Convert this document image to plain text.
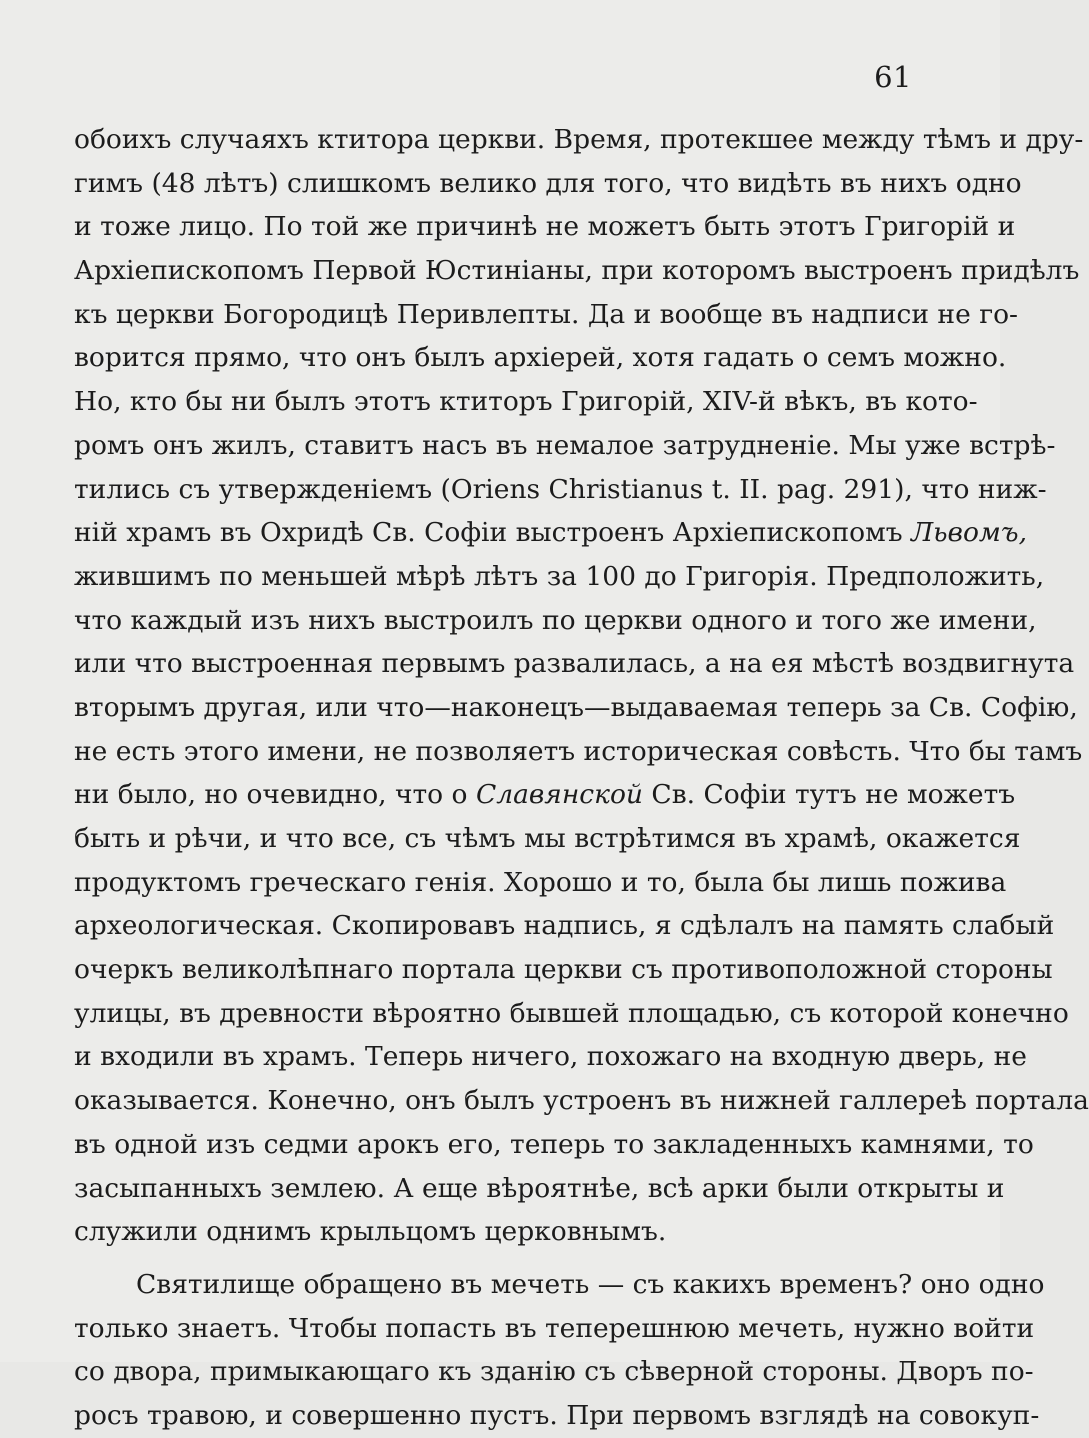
61
обоихъ случаяхъ ктитора церкви. Время, протекшее между тѣмъ и дру-
гимъ (48 лѣтъ) слишкомъ велико для того, что видѣть въ нихъ одно
и тоже лицо. По той же причинѣ не можетъ быть этотъ Григорій и
Архіепископомъ Первой Юстиніаны, при которомъ выстроенъ придѣлъ
къ церкви Богородицѣ Перивлепты. Да и вообще въ надписи не го-
ворится прямо, что онъ былъ архіерей, хотя гадать о семъ можно.
Но, кто бы ни былъ этотъ ктиторъ Григорій, XIV-й вѣкъ, въ кото-
ромъ онъ жилъ, ставитъ насъ въ немалое затрудненіе. Мы уже встрѣ-
тились съ утвержденіемъ (Oriens Christianus t. II. pag. 291), что ниж-
ній храмъ въ Охридѣ Св. Софіи выстроенъ Архіепископомъ Львомъ,
жившимъ по меньшей мѣрѣ лѣтъ за 100 до Григорія. Предположить,
что каждый изъ нихъ выстроилъ по церкви одного и того же имени,
или что выстроенная первымъ развалилась, а на ея мѣстѣ воздвигнута
вторымъ другая, или что—наконецъ—выдаваемая теперь за Св. Софію,
не есть этого имени, не позволяетъ историческая совѣсть. Что бы тамъ
ни было, но очевидно, что о Славянской Св. Софіи тутъ не можетъ
быть и рѣчи, и что все, съ чѣмъ мы встрѣтимся въ храмѣ, окажется
продуктомъ греческаго генія. Хорошо и то, была бы лишь пожива
археологическая. Скопировавъ надпись, я сдѣлалъ на память слабый
очеркъ великолѣпнаго портала церкви съ противоположной стороны
улицы, въ древности вѣроятно бывшей площадью, съ которой конечно
и входили въ храмъ. Теперь ничего, похожаго на входную дверь, не
оказывается. Конечно, онъ былъ устроенъ въ нижней галлереѣ портала
въ одной изъ седми арокъ его, теперь то закладенныхъ камнями, то
засыпанныхъ землею. А еще вѣроятнѣе, всѣ арки были открыты и
служили однимъ крыльцомъ церковнымъ.
Святилище обращено въ мечеть — съ какихъ временъ? оно одно
только знаетъ. Чтобы попасть въ теперешнюю мечеть, нужно войти
со двора, примыкающаго къ зданію съ сѣверной стороны. Дворъ по-
росъ травою, и совершенно пустъ. При первомъ взглядѣ на совокуп-
